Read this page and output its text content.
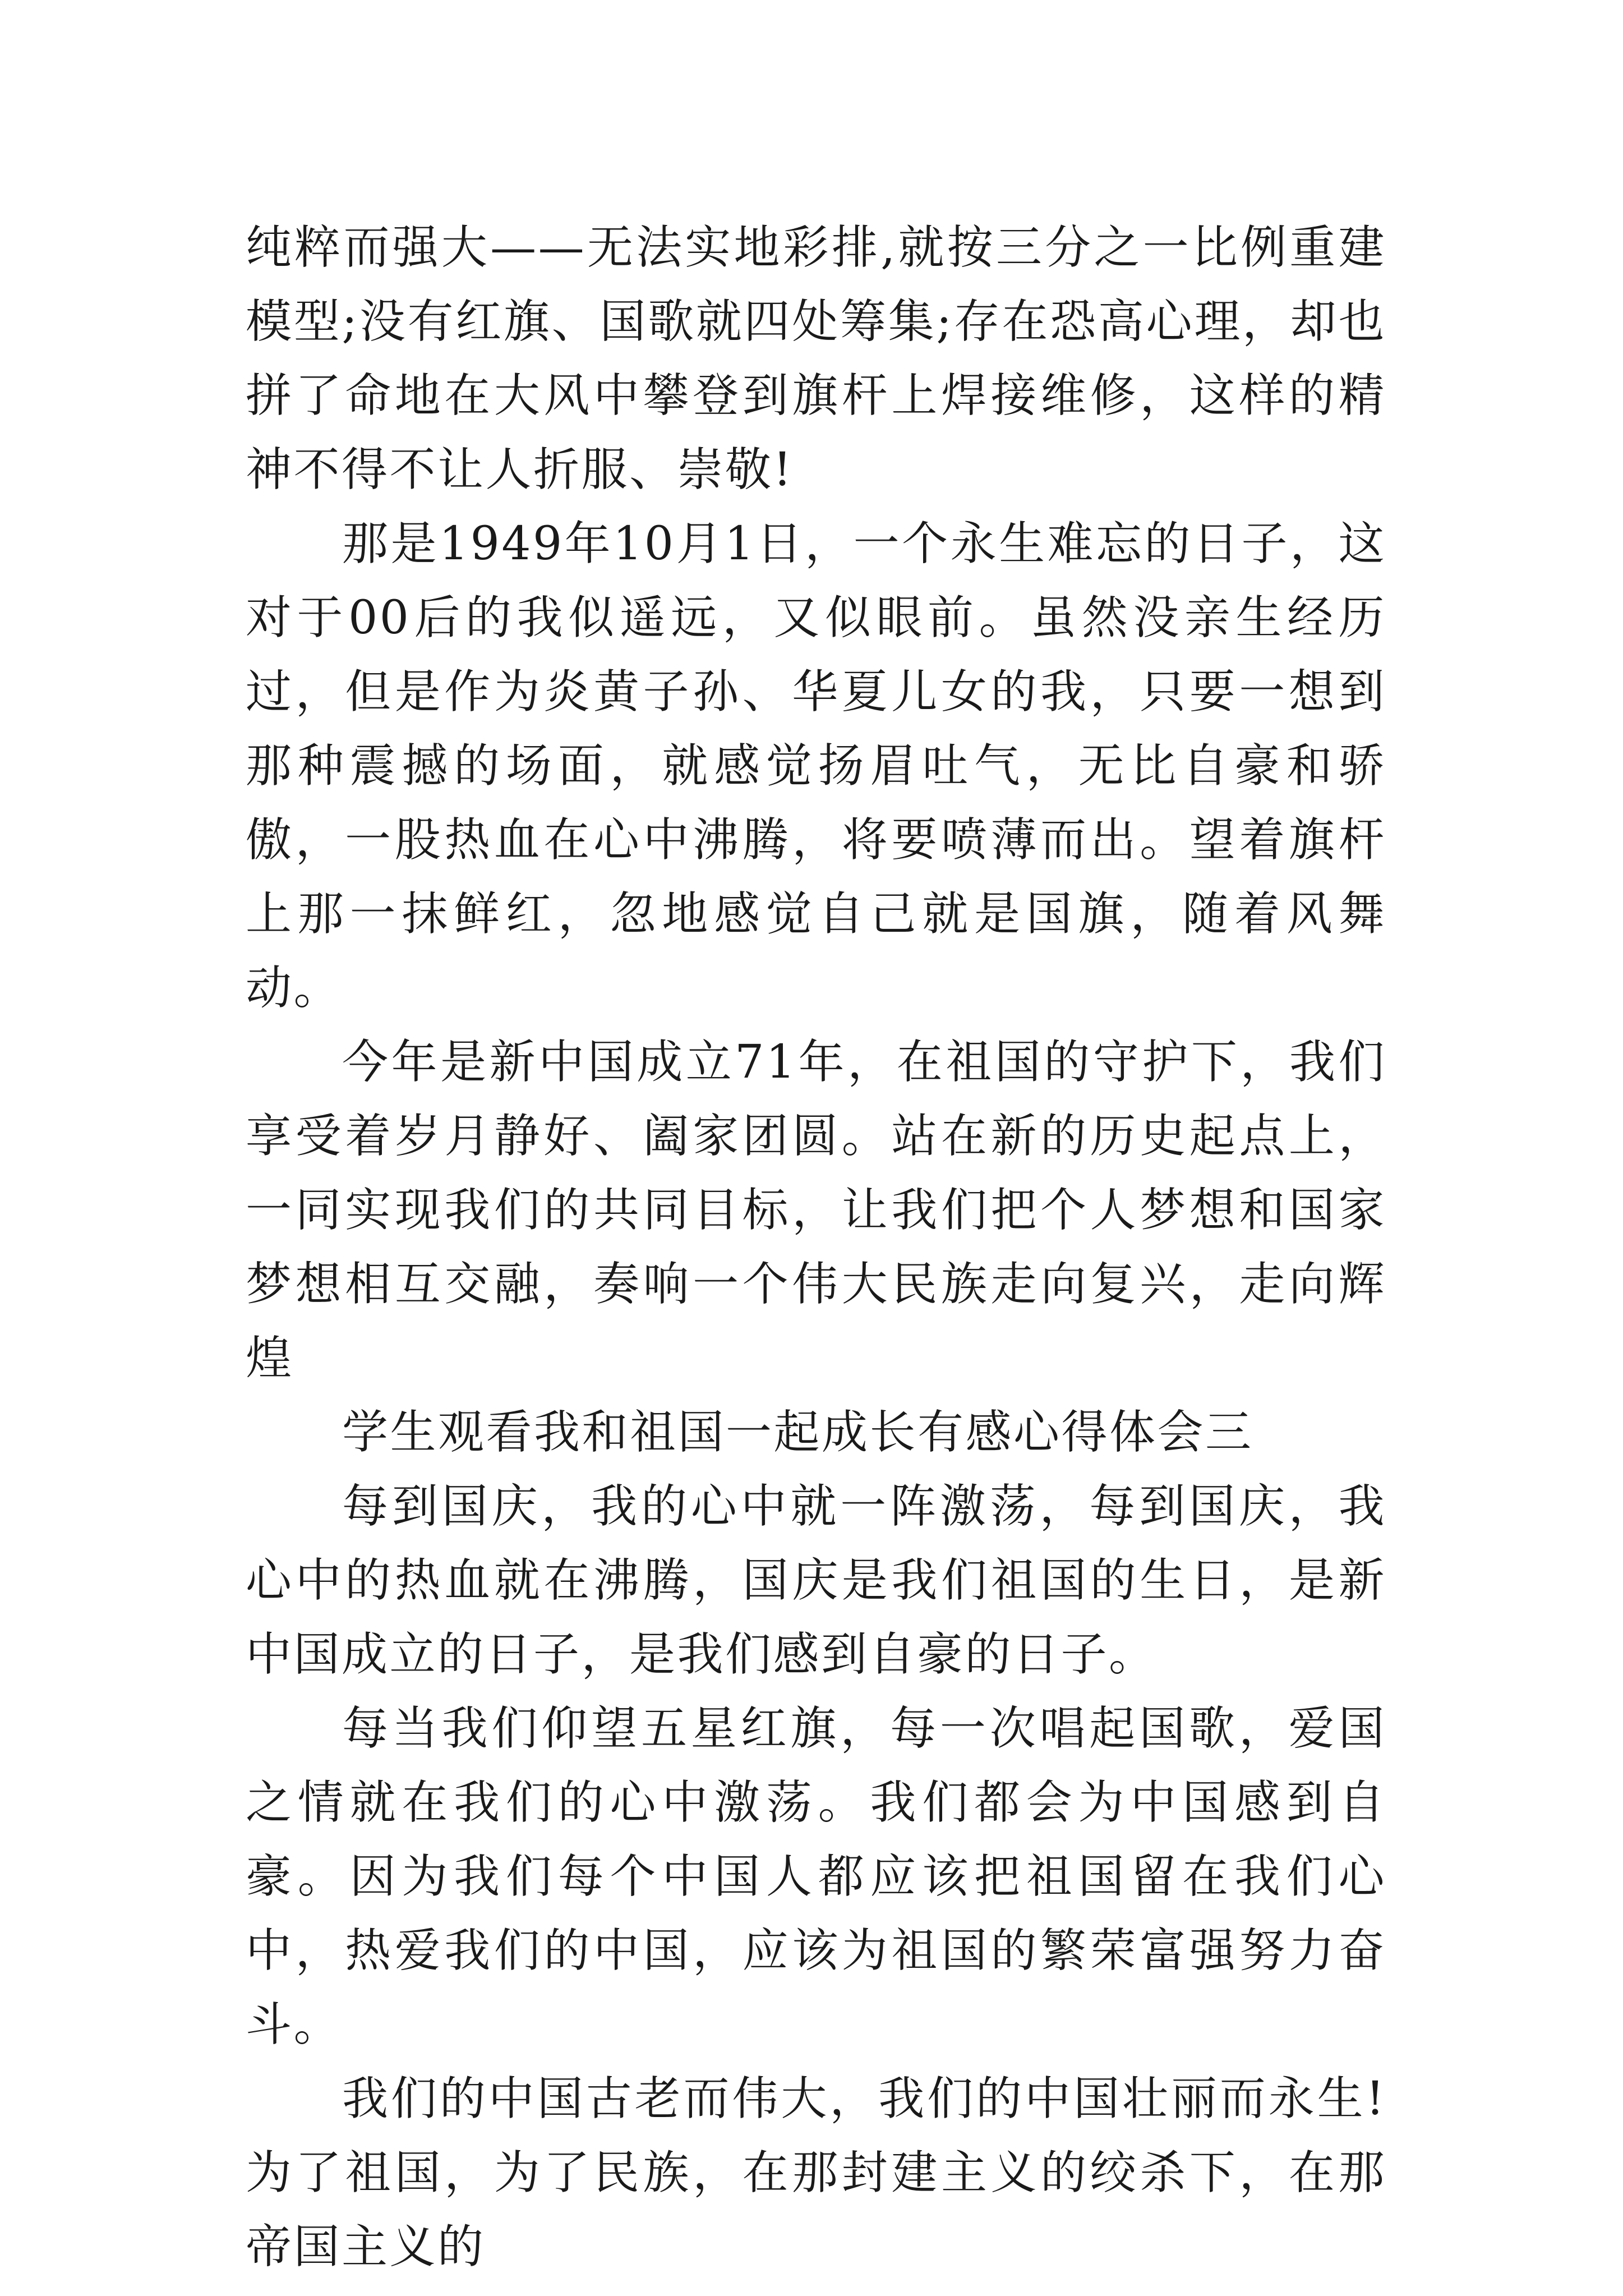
纯粹而强大——无法实地彩排,就按三分之一比例重建模型;没有红旗、国歌就四处筹集;存在恐高心理，却也拼了命地在大风中攀登到旗杆上焊接维修，这样的精神不得不让人折服、崇敬!

那是1949年10月1日，一个永生难忘的日子，这对于00后的我似遥远，又似眼前。虽然没亲生经历过，但是作为炎黄子孙、华夏儿女的我，只要一想到那种震撼的场面，就感觉扬眉吐气，无比自豪和骄傲，一股热血在心中沸腾，将要喷薄而出。望着旗杆上那一抹鲜红，忽地感觉自己就是国旗，随着风舞动。

今年是新中国成立71年，在祖国的守护下，我们享受着岁月静好、阖家团圆。站在新的历史起点上，一同实现我们的共同目标，让我们把个人梦想和国家梦想相互交融，奏响一个伟大民族走向复兴，走向辉煌

学生观看我和祖国一起成长有感心得体会三

每到国庆，我的心中就一阵激荡，每到国庆，我心中的热血就在沸腾，国庆是我们祖国的生日，是新中国成立的日子，是我们感到自豪的日子。

每当我们仰望五星红旗，每一次唱起国歌，爱国之情就在我们的心中激荡。我们都会为中国感到自豪。因为我们每个中国人都应该把祖国留在我们心中，热爱我们的中国，应该为祖国的繁荣富强努力奋斗。

我们的中国古老而伟大，我们的中国壮丽而永生!为了祖国，为了民族，在那封建主义的绞杀下，在那帝国主义的
